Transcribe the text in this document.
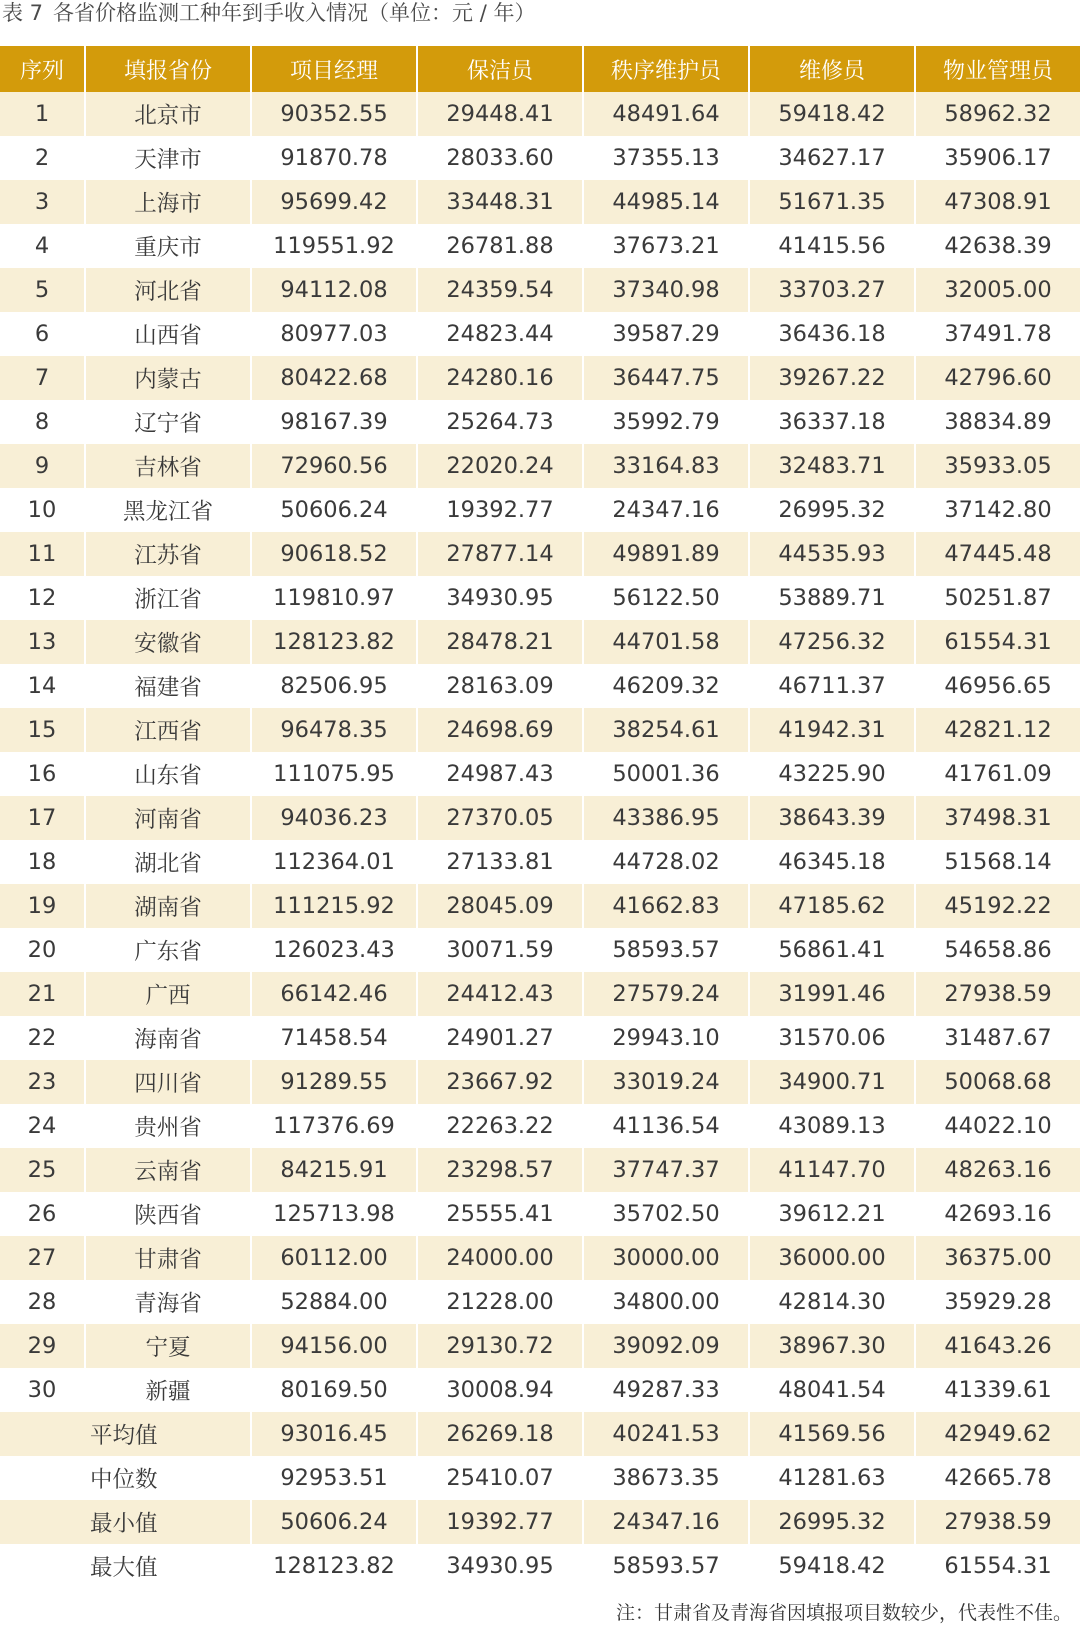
表 7 各省价格监测工种年到手收入情况（单位：元 / 年）
序列	填报省份	项目经理	保洁员	秩序维护员	维修员	物业管理员
1	北京市	90352.55	29448.41	48491.64	59418.42	58962.32
2	天津市	91870.78	28033.60	37355.13	34627.17	35906.17
3	上海市	95699.42	33448.31	44985.14	51671.35	47308.91
4	重庆市	119551.92	26781.88	37673.21	41415.56	42638.39
5	河北省	94112.08	24359.54	37340.98	33703.27	32005.00
6	山西省	80977.03	24823.44	39587.29	36436.18	37491.78
7	内蒙古	80422.68	24280.16	36447.75	39267.22	42796.60
8	辽宁省	98167.39	25264.73	35992.79	36337.18	38834.89
9	吉林省	72960.56	22020.24	33164.83	32483.71	35933.05
10	黑龙江省	50606.24	19392.77	24347.16	26995.32	37142.80
11	江苏省	90618.52	27877.14	49891.89	44535.93	47445.48
12	浙江省	119810.97	34930.95	56122.50	53889.71	50251.87
13	安徽省	128123.82	28478.21	44701.58	47256.32	61554.31
14	福建省	82506.95	28163.09	46209.32	46711.37	46956.65
15	江西省	96478.35	24698.69	38254.61	41942.31	42821.12
16	山东省	111075.95	24987.43	50001.36	43225.90	41761.09
17	河南省	94036.23	27370.05	43386.95	38643.39	37498.31
18	湖北省	112364.01	27133.81	44728.02	46345.18	51568.14
19	湖南省	111215.92	28045.09	41662.83	47185.62	45192.22
20	广东省	126023.43	30071.59	58593.57	56861.41	54658.86
21	广西	66142.46	24412.43	27579.24	31991.46	27938.59
22	海南省	71458.54	24901.27	29943.10	31570.06	31487.67
23	四川省	91289.55	23667.92	33019.24	34900.71	50068.68
24	贵州省	117376.69	22263.22	41136.54	43089.13	44022.10
25	云南省	84215.91	23298.57	37747.37	41147.70	48263.16
26	陕西省	125713.98	25555.41	35702.50	39612.21	42693.16
27	甘肃省	60112.00	24000.00	30000.00	36000.00	36375.00
28	青海省	52884.00	21228.00	34800.00	42814.30	35929.28
29	宁夏	94156.00	29130.72	39092.09	38967.30	41643.26
30	新疆	80169.50	30008.94	49287.33	48041.54	41339.61
平均值		93016.45	26269.18	40241.53	41569.56	42949.62
中位数		92953.51	25410.07	38673.35	41281.63	42665.78
最小值		50606.24	19392.77	24347.16	26995.32	27938.59
最大值		128123.82	34930.95	58593.57	59418.42	61554.31
注：甘肃省及青海省因填报项目数较少，代表性不佳。
